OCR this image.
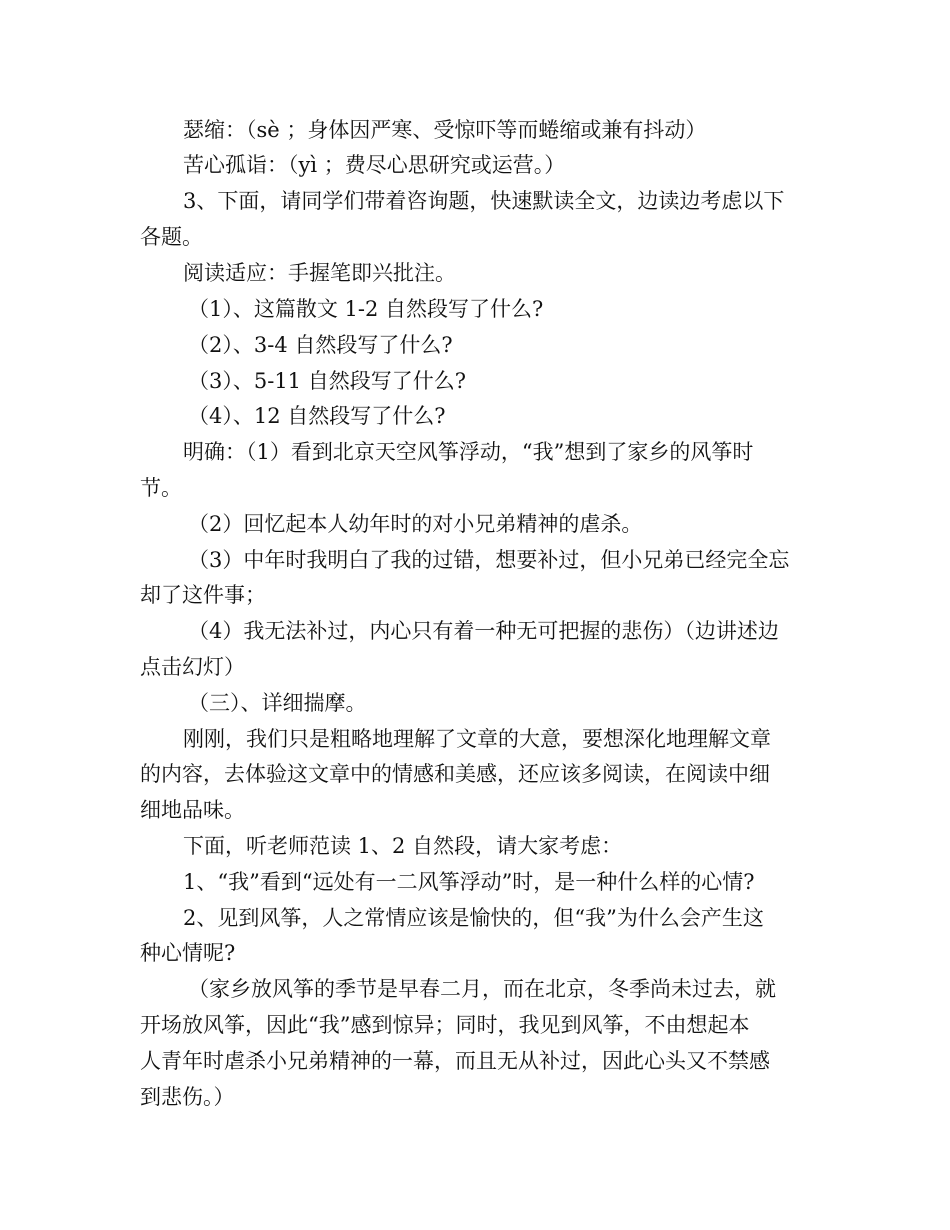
瑟缩：（sè ；身体因严寒、受惊吓等而蜷缩或兼有抖动）
苦心孤诣：（yì ；费尽心思研究或运营。）
3、下面，请同学们带着咨询题，快速默读全文，边读边考虑以下
各题。
阅读适应：手握笔即兴批注。
（1）、这篇散文 1-2 自然段写了什么?
（2）、3-4 自然段写了什么?
（3）、5-11 自然段写了什么?
（4）、12 自然段写了什么?
明确：（1）看到北京天空风筝浮动，“我”想到了家乡的风筝时
节。
（2）回忆起本人幼年时的对小兄弟精神的虐杀。
（3）中年时我明白了我的过错，想要补过，但小兄弟已经完全忘
却了这件事；
（4）我无法补过，内心只有着一种无可把握的悲伤）（边讲述边
点击幻灯）
（三）、详细揣摩。
刚刚，我们只是粗略地理解了文章的大意，要想深化地理解文章
的内容，去体验这文章中的情感和美感，还应该多阅读，在阅读中细
细地品味。
下面，听老师范读 1、2 自然段，请大家考虑：
1、“我”看到“远处有一二风筝浮动”时，是一种什么样的心情?
2、见到风筝，人之常情应该是愉快的，但“我”为什么会产生这
种心情呢?
（家乡放风筝的季节是早春二月，而在北京，冬季尚未过去，就
开场放风筝，因此“我”感到惊异；同时，我见到风筝，不由想起本
人青年时虐杀小兄弟精神的一幕，而且无从补过，因此心头又不禁感
到悲伤。）
